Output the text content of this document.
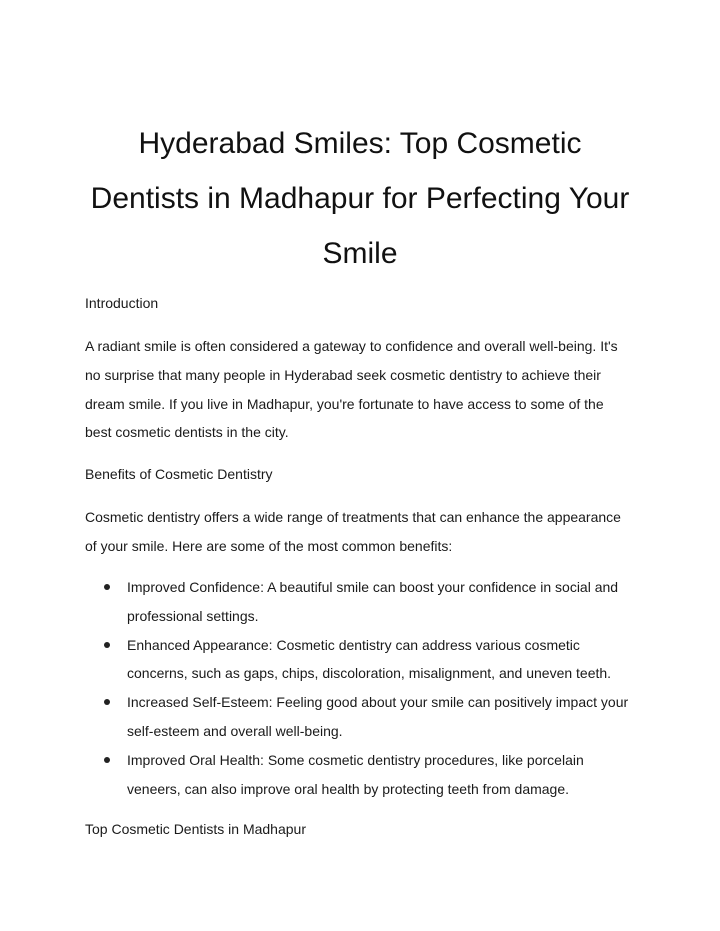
Hyderabad Smiles: Top Cosmetic
Dentists in Madhapur for Perfecting Your
Smile
Introduction

A radiant smile is often considered a gateway to confidence and overall well-being. It's
no surprise that many people in Hyderabad seek cosmetic dentistry to achieve their
dream smile. If you live in Madhapur, you're fortunate to have access to some of the
best cosmetic dentists in the city.

Benefits of Cosmetic Dentistry

Cosmetic dentistry offers a wide range of treatments that can enhance the appearance
of your smile. Here are some of the most common benefits:

Improved Confidence: A beautiful smile can boost your confidence in social and
professional settings.
Enhanced Appearance: Cosmetic dentistry can address various cosmetic
concerns, such as gaps, chips, discoloration, misalignment, and uneven teeth.
Increased Self-Esteem: Feeling good about your smile can positively impact your
self-esteem and overall well-being.
Improved Oral Health: Some cosmetic dentistry procedures, like porcelain
veneers, can also improve oral health by protecting teeth from damage.
Top Cosmetic Dentists in Madhapur
